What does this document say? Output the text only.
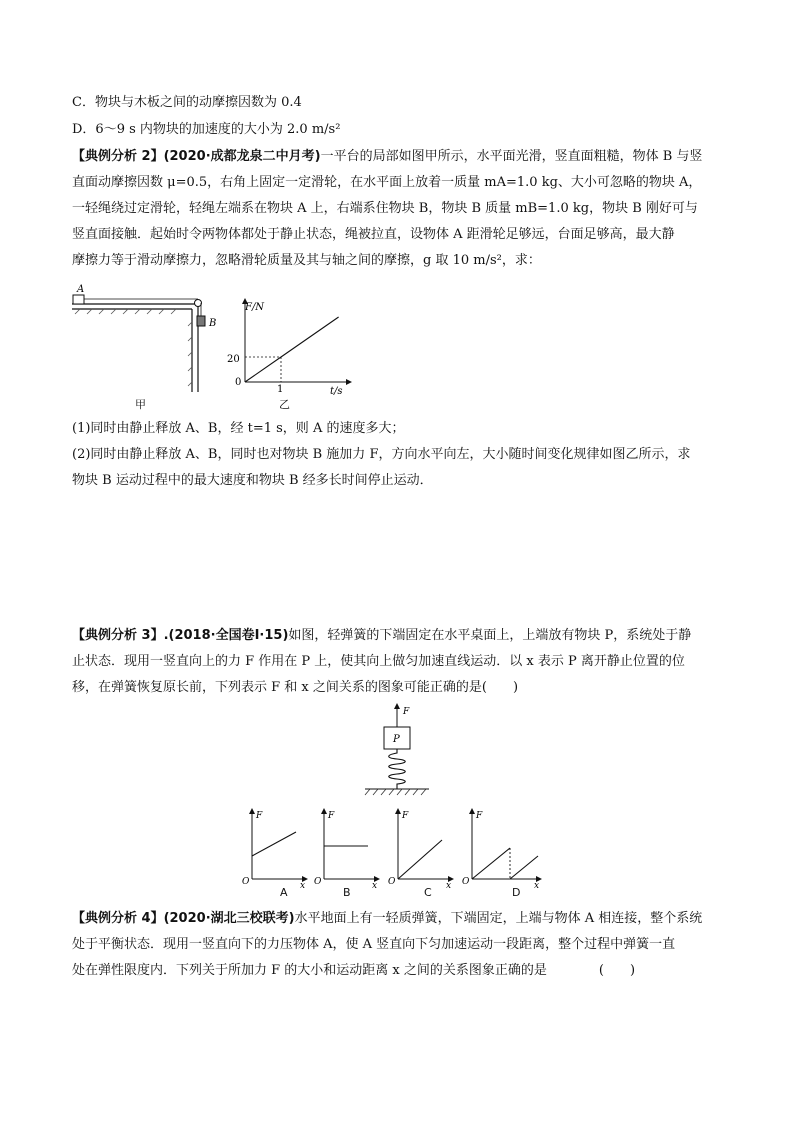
C．物块与木板之间的动摩擦因数为 0.4
D．6～9 s 内物块的加速度的大小为 2.0 m/s²
【典例分析 2】(2020·成都龙泉二中月考)一平台的局部如图甲所示，水平面光滑，竖直面粗糙，物体 B 与竖
直面动摩擦因数 μ=0.5，右角上固定一定滑轮，在水平面上放着一质量 mA=1.0 kg、大小可忽略的物块 A，
一轻绳绕过定滑轮，轻绳左端系在物块 A 上，右端系住物块 B，物块 B 质量 mB=1.0 kg，物块 B 刚好可与
竖直面接触．起始时令两物体都处于静止状态，绳被拉直，设物体 A 距滑轮足够远，台面足够高，最大静
摩擦力等于滑动摩擦力，忽略滑轮质量及其与轴之间的摩擦，g 取 10 m/s²，求：
A
B
甲
F/N
t/s
20
1
0
乙
(1)同时由静止释放 A、B，经 t=1 s，则 A 的速度多大；
(2)同时由静止释放 A、B，同时也对物块 B 施加力 F，方向水平向左，大小随时间变化规律如图乙所示，求
物块 B 运动过程中的最大速度和物块 B 经多长时间停止运动．
【典例分析 3】.(2018·全国卷Ⅰ·15)如图，轻弹簧的下端固定在水平桌面上，上端放有物块 P，系统处于静
止状态．现用一竖直向上的力 F 作用在 P 上，使其向上做匀加速直线运动．以 x 表示 P 离开静止位置的位
移，在弹簧恢复原长前，下列表示 F 和 x 之间关系的图象可能正确的是(　　)
F
P
F
x
O
A
F
x
O
B
F
x
O
C
F
x
O
D
【典例分析 4】(2020·湖北三校联考)水平地面上有一轻质弹簧，下端固定，上端与物体 A 相连接，整个系统
处于平衡状态．现用一竖直向下的力压物体 A，使 A 竖直向下匀加速运动一段距离，整个过程中弹簧一直
处在弹性限度内．下列关于所加力 F 的大小和运动距离 x 之间的关系图象正确的是　　　　(　　)
